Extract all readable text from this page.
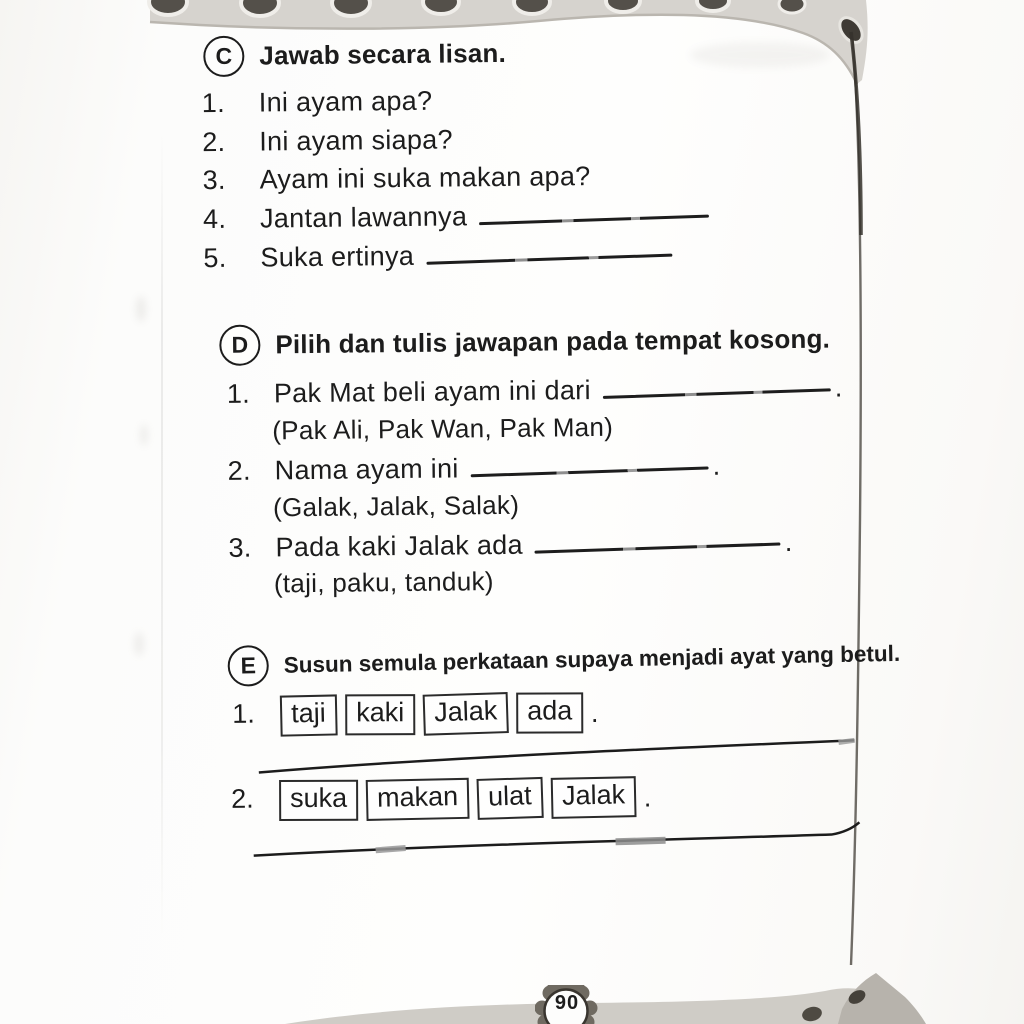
C	Jawab secara lisan.
1.	Ini ayam apa?
2.	Ini ayam siapa?
3.	Ayam ini suka makan apa?
4.	Jantan lawannya
5.	Suka ertinya
D	Pilih dan tulis jawapan pada tempat kosong.
1. Pak Mat beli ayam ini dari	.
(Pak Ali, Pak Wan, Pak Man)
2. Nama ayam ini	.
(Galak, Jalak, Salak)
3. Pada kaki Jalak ada	.
(taji, paku, tanduk)
E	Susun semula perkataan supaya menjadi ayat yang betul.
1.	taji	kaki	Jalak	ada .
2.	suka	makan	ulat	Jalak .
90
